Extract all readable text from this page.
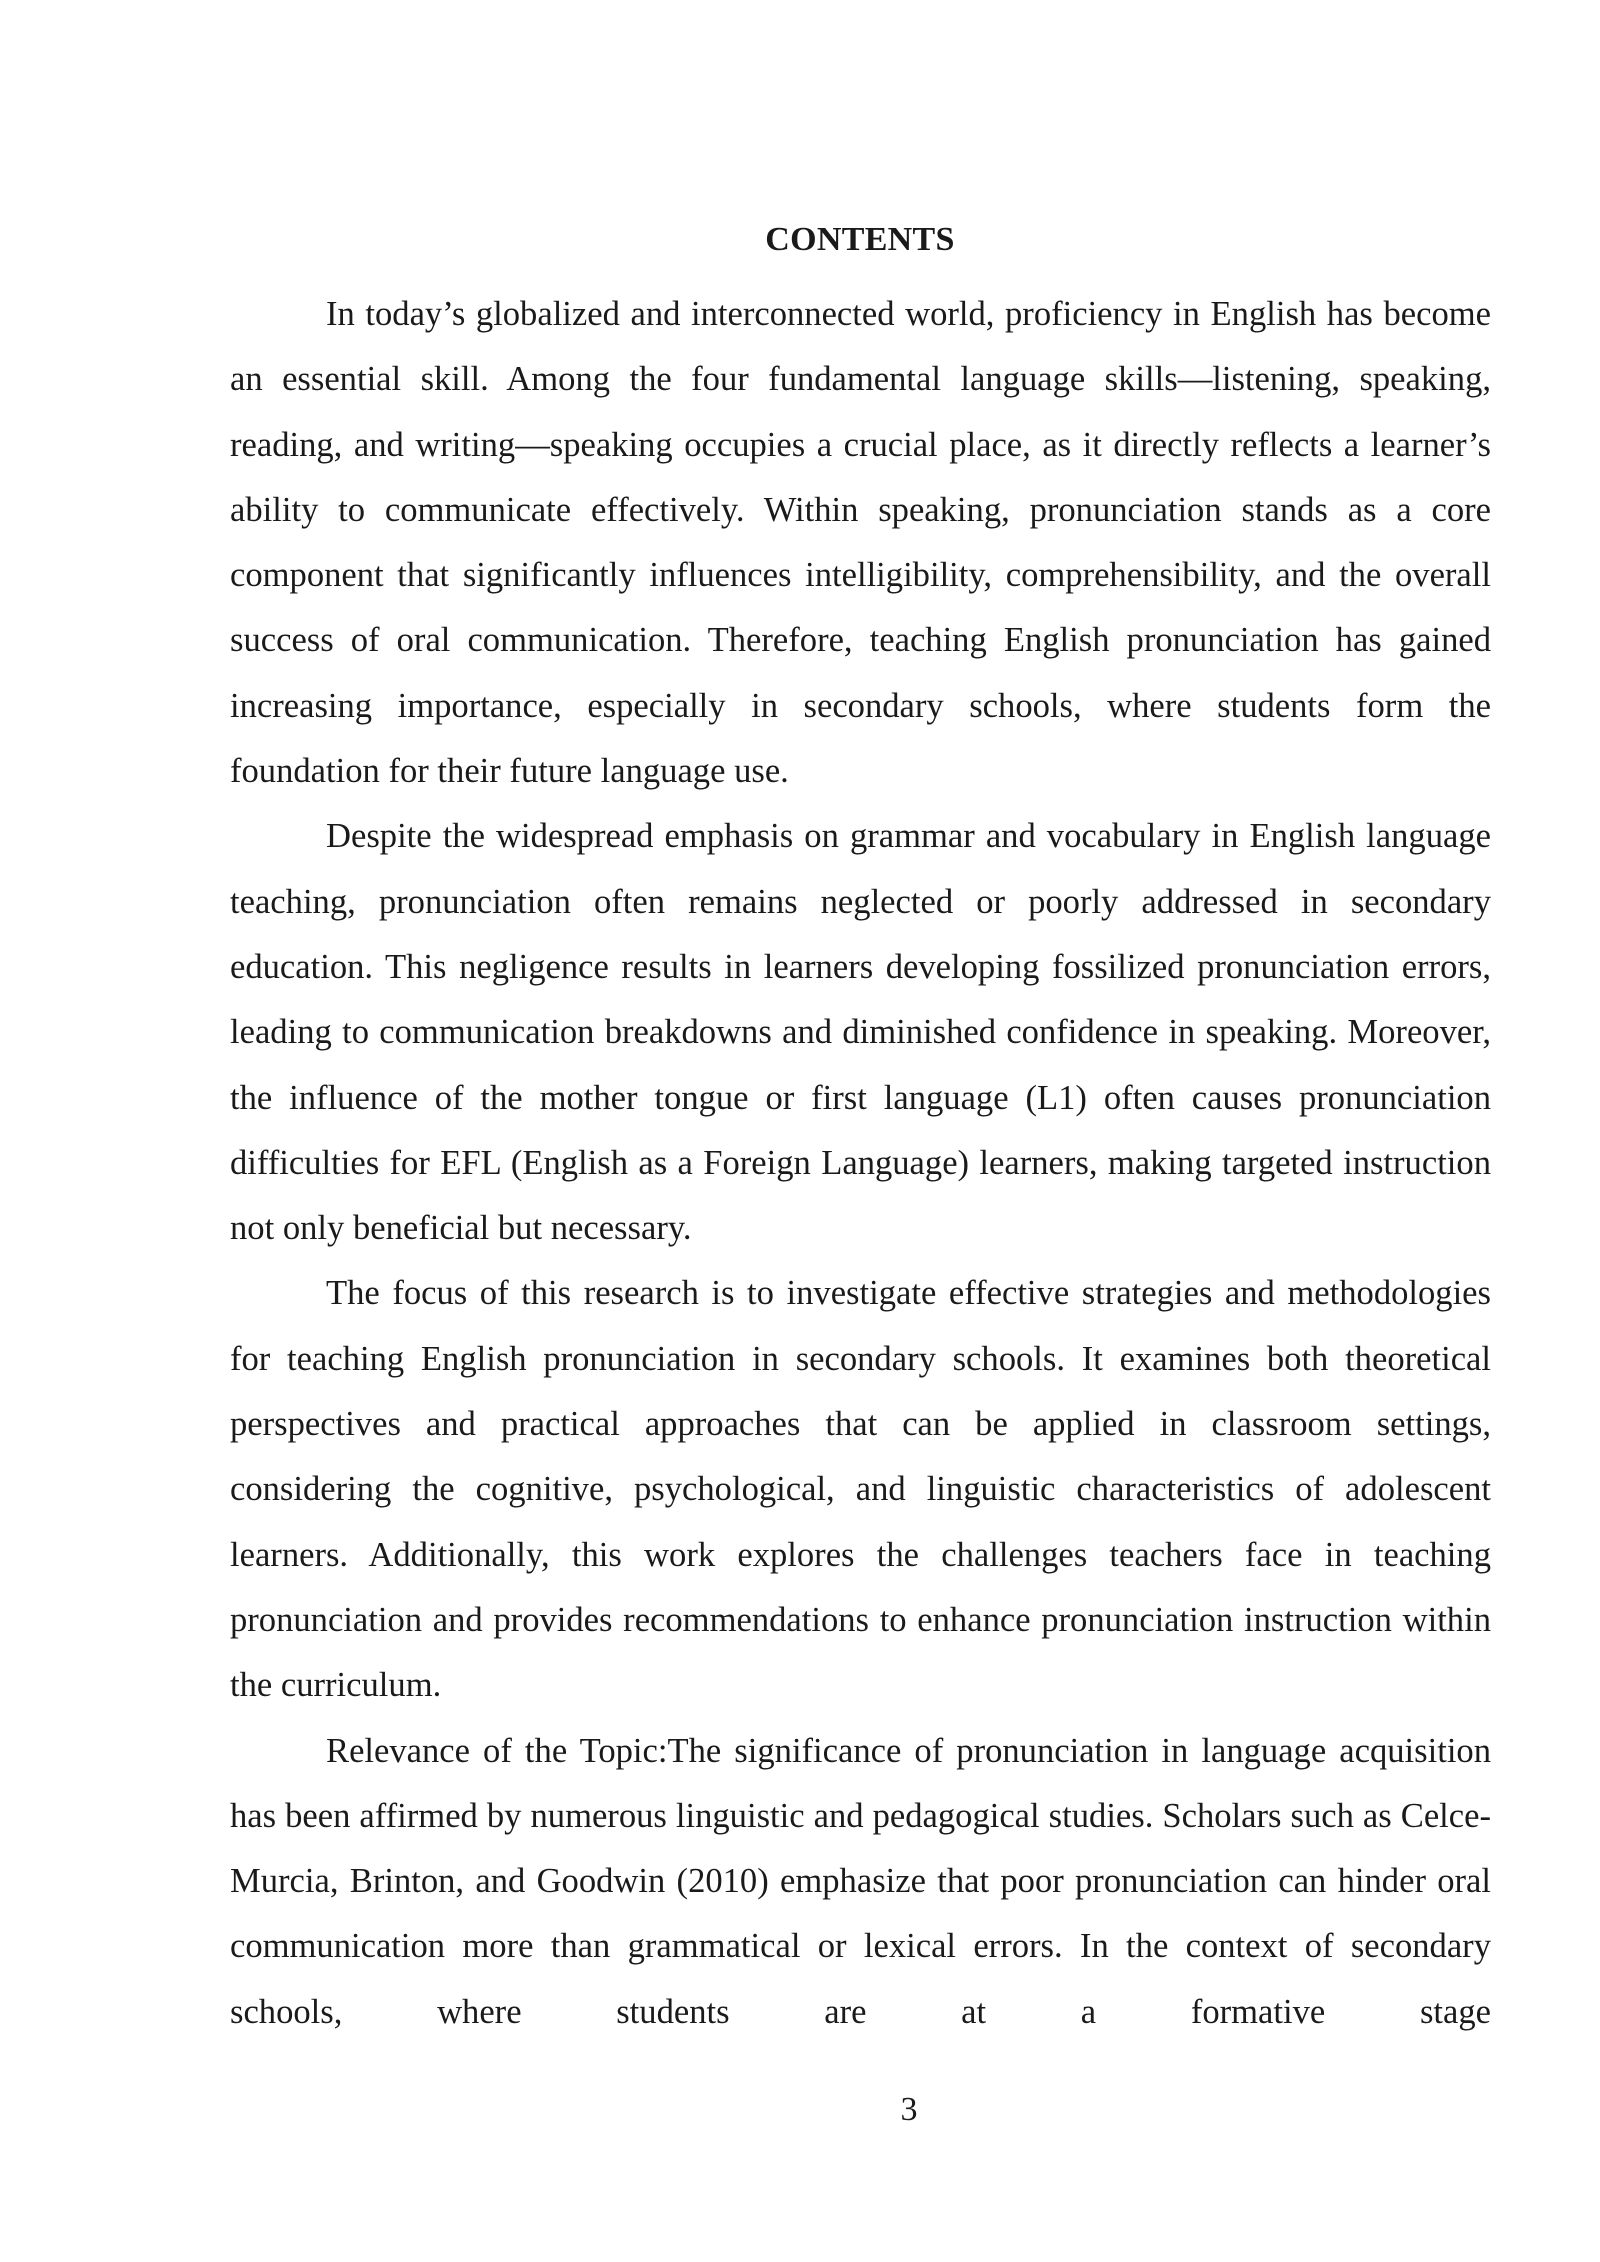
CONTENTS

In today’s globalized and interconnected world, proficiency in English has become an essential skill. Among the four fundamental language skills—listening, speaking, reading, and writing—speaking occupies a crucial place, as it directly reflects a learner’s ability to communicate effectively. Within speaking, pronunciation stands as a core component that significantly influences intelligibility, comprehensibility, and the overall success of oral communication. Therefore, teaching English pronunciation has gained increasing importance, especially in secondary schools, where students form the foundation for their future language use.

Despite the widespread emphasis on grammar and vocabulary in English language teaching, pronunciation often remains neglected or poorly addressed in secondary education. This negligence results in learners developing fossilized pronunciation errors, leading to communication breakdowns and diminished confidence in speaking. Moreover, the influence of the mother tongue or first language (L1) often causes pronunciation difficulties for EFL (English as a Foreign Language) learners, making targeted instruction not only beneficial but necessary.

The focus of this research is to investigate effective strategies and methodologies for teaching English pronunciation in secondary schools. It examines both theoretical perspectives and practical approaches that can be applied in classroom settings, considering the cognitive, psychological, and linguistic characteristics of adolescent learners. Additionally, this work explores the challenges teachers face in teaching pronunciation and provides recommendations to enhance pronunciation instruction within the curriculum.

Relevance of the Topic:The significance of pronunciation in language acquisition has been affirmed by numerous linguistic and pedagogical studies. Scholars such as Celce-Murcia, Brinton, and Goodwin (2010) emphasize that poor pronunciation can hinder oral communication more than grammatical or lexical errors. In the context of secondary schools, where students are at a formative stage

3
